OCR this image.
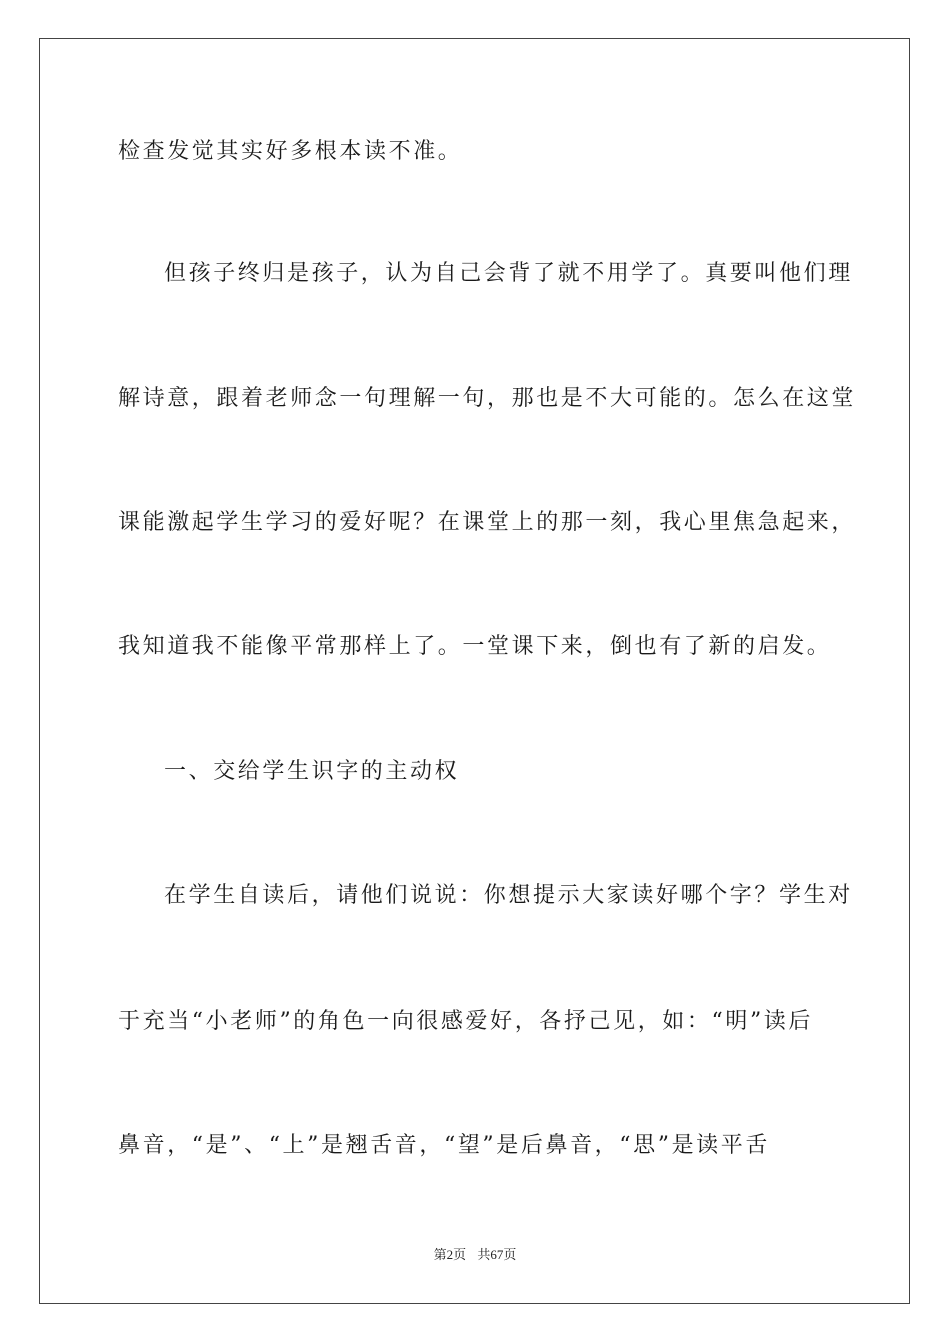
检查发觉其实好多根本读不准。
但孩子终归是孩子，认为自己会背了就不用学了。真要叫他们理
解诗意，跟着老师念一句理解一句，那也是不大可能的。怎么在这堂
课能激起学生学习的爱好呢？在课堂上的那一刻，我心里焦急起来，
我知道我不能像平常那样上了。一堂课下来，倒也有了新的启发。
一、交给学生识字的主动权
在学生自读后，请他们说说：你想提示大家读好哪个字？学生对
于充当“小老师”的角色一向很感爱好，各抒己见，如：“明”读后
鼻音，“是”、“上”是翘舌音，“望”是后鼻音，“思”是读平舌
第2页 共67页
